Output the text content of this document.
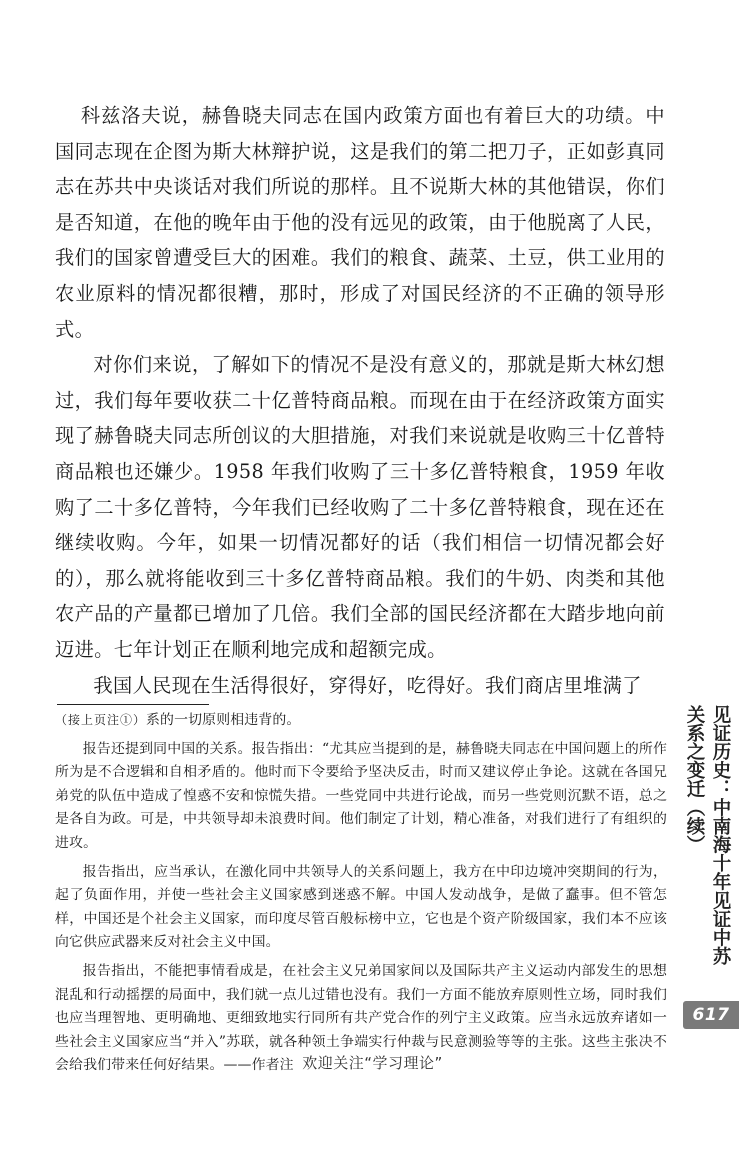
科兹洛夫说，赫鲁晓夫同志在国内政策方面也有着巨大的功绩。中国同志现在企图为斯大林辩护说，这是我们的第二把刀子，正如彭真同志在苏共中央谈话对我们所说的那样。且不说斯大林的其他错误，你们是否知道，在他的晚年由于他的没有远见的政策，由于他脱离了人民，我们的国家曾遭受巨大的困难。我们的粮食、蔬菜、土豆，供工业用的农业原料的情况都很糟，那时，形成了对国民经济的不正确的领导形式。

对你们来说，了解如下的情况不是没有意义的，那就是斯大林幻想过，我们每年要收获二十亿普特商品粮。而现在由于在经济政策方面实现了赫鲁晓夫同志所创议的大胆措施，对我们来说就是收购三十亿普特商品粮也还嫌少。1958 年我们收购了三十多亿普特粮食，1959 年收购了二十多亿普特，今年我们已经收购了二十多亿普特粮食，现在还在继续收购。今年，如果一切情况都好的话（我们相信一切情况都会好的），那么就将能收到三十多亿普特商品粮。我们的牛奶、肉类和其他农产品的产量都已增加了几倍。我们全部的国民经济都在大踏步地向前迈进。七年计划正在顺利地完成和超额完成。

我国人民现在生活得很好，穿得好，吃得好。我们商店里堆满了

（接上页注①）系的一切原则相违背的。

报告还提到同中国的关系。报告指出：“尤其应当提到的是，赫鲁晓夫同志在中国问题上的所作所为是不合逻辑和自相矛盾的。他时而下令要给予坚决反击，时而又建议停止争论。这就在各国兄弟党的队伍中造成了惶惑不安和惊慌失措。一些党同中共进行论战，而另一些党则沉默不语，总之是各自为政。可是，中共领导却未浪费时间。他们制定了计划，精心准备，对我们进行了有组织的进攻。

报告指出，应当承认，在激化同中共领导人的关系问题上，我方在中印边境冲突期间的行为，起了负面作用，并使一些社会主义国家感到迷惑不解。中国人发动战争，是做了蠢事。但不管怎样，中国还是个社会主义国家，而印度尽管百般标榜中立，它也是个资产阶级国家，我们本不应该向它供应武器来反对社会主义中国。

报告指出，不能把事情看成是，在社会主义兄弟国家间以及国际共产主义运动内部发生的思想混乱和行动摇摆的局面中，我们就一点儿过错也没有。我们一方面不能放弃原则性立场，同时我们也应当理智地、更明确地、更细致地实行同所有共产党合作的列宁主义政策。应当永远放弃诸如一些社会主义国家应当“并入”苏联，就各种领土争端实行仲裁与民意测验等等的主张。这些主张决不会给我们带来任何好结果。——作者注

见证历史：中南海十年见证中苏关系之变迁（续）
617
欢迎关注“学习理论”
